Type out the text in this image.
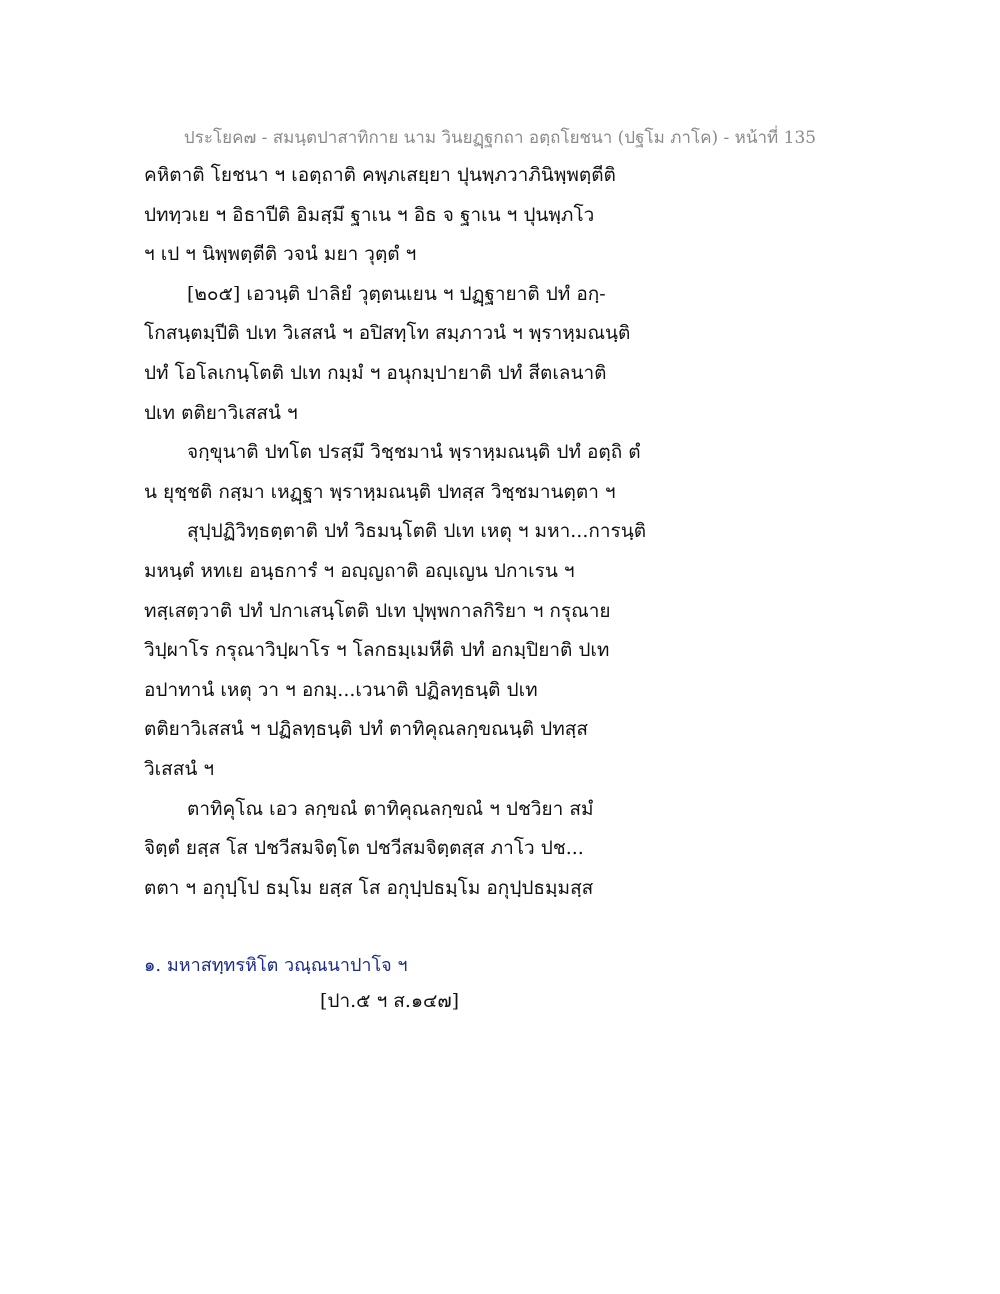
ประโยค๗ - สมนฺตปาสาทิกาย นาม วินยฏฺฐกถา อตฺถโยชนา (ปฐโม ภาโค) - หน้าที่ 135
คหิตาติ โยชนา ฯ เอตฺถาติ คพฺภเสยฺยา ปุนพฺภวาภินิพฺพตฺตีติ
ปททฺวเย ฯ อิธาปีติ อิมสฺมึ ฐาเน ฯ อิธ จ ฐาเน ฯ ปุนพฺภโว
ฯ เป ฯ นิพฺพตฺตีติ วจนํ มยา วุตฺตํ ฯ
[๒๐๕] เอวนฺติ ปาลิยํ วุตฺตนเยน ฯ ปฏฺฐายาติ ปทํ อกฺ-
โกสนฺตมฺปีติ ปเท วิเสสนํ ฯ อปิสทฺโท สมฺภาวนํ ฯ พฺราหฺมณนฺติ
ปทํ โอโลเกนฺโตติ ปเท กมฺมํ ฯ อนุกมฺปายาติ ปทํ สีตเลนาติ
ปเท ตติยาวิเสสนํ ฯ
จกฺขุนาติ ปทโต ปรสฺมึ วิชฺชมานํ พฺราหฺมณนฺติ ปทํ อตฺถิ ตํ
น ยุชฺชติ กสฺมา เหฏฺฐา พฺราหฺมณนฺติ ปทสฺส วิชฺชมานตฺตา ฯ
สุปฺปฏิวิทฺธตฺตาติ ปทํ วิธมนฺโตติ ปเท เหตุ ฯ มหา...การนฺติ
มหนฺตํ หทเย อนฺธการํ ฯ อญฺญถาติ อญฺเญน ปกาเรน ฯ
ทสฺเสตฺวาติ ปทํ ปกาเสนฺโตติ ปเท ปุพฺพกาลกิริยา ฯ กรุณาย
วิปฺผาโร กรุณาวิปฺผาโร ฯ โลกธมฺเมหีติ ปทํ อกมฺปิยาติ ปเท
อปาทานํ เหตุ วา ฯ อกมฺ...เวนาติ ปฏิลทฺธนฺติ ปเท
ตติยาวิเสสนํ ฯ ปฏิลทฺธนฺติ ปทํ ตาทิคุณลกฺขณนฺติ ปทสฺส
วิเสสนํ ฯ
ตาทิคุโณ เอว ลกฺขณํ ตาทิคุณลกฺขณํ ฯ ปชวิยา สมํ
จิตฺตํ ยสฺส โส ปชวีสมจิตฺโต ปชวีสมจิตฺตสฺส ภาโว ปช...
ตตา ฯ อกุปฺโป ธมฺโม ยสฺส โส อกุปฺปธมฺโม อกุปฺปธมฺมสฺส
๑. มหาสทฺทรหิโต วณฺณนาปาโจ ฯ
[ปา.๕ ฯ ส.๑๔๗]
